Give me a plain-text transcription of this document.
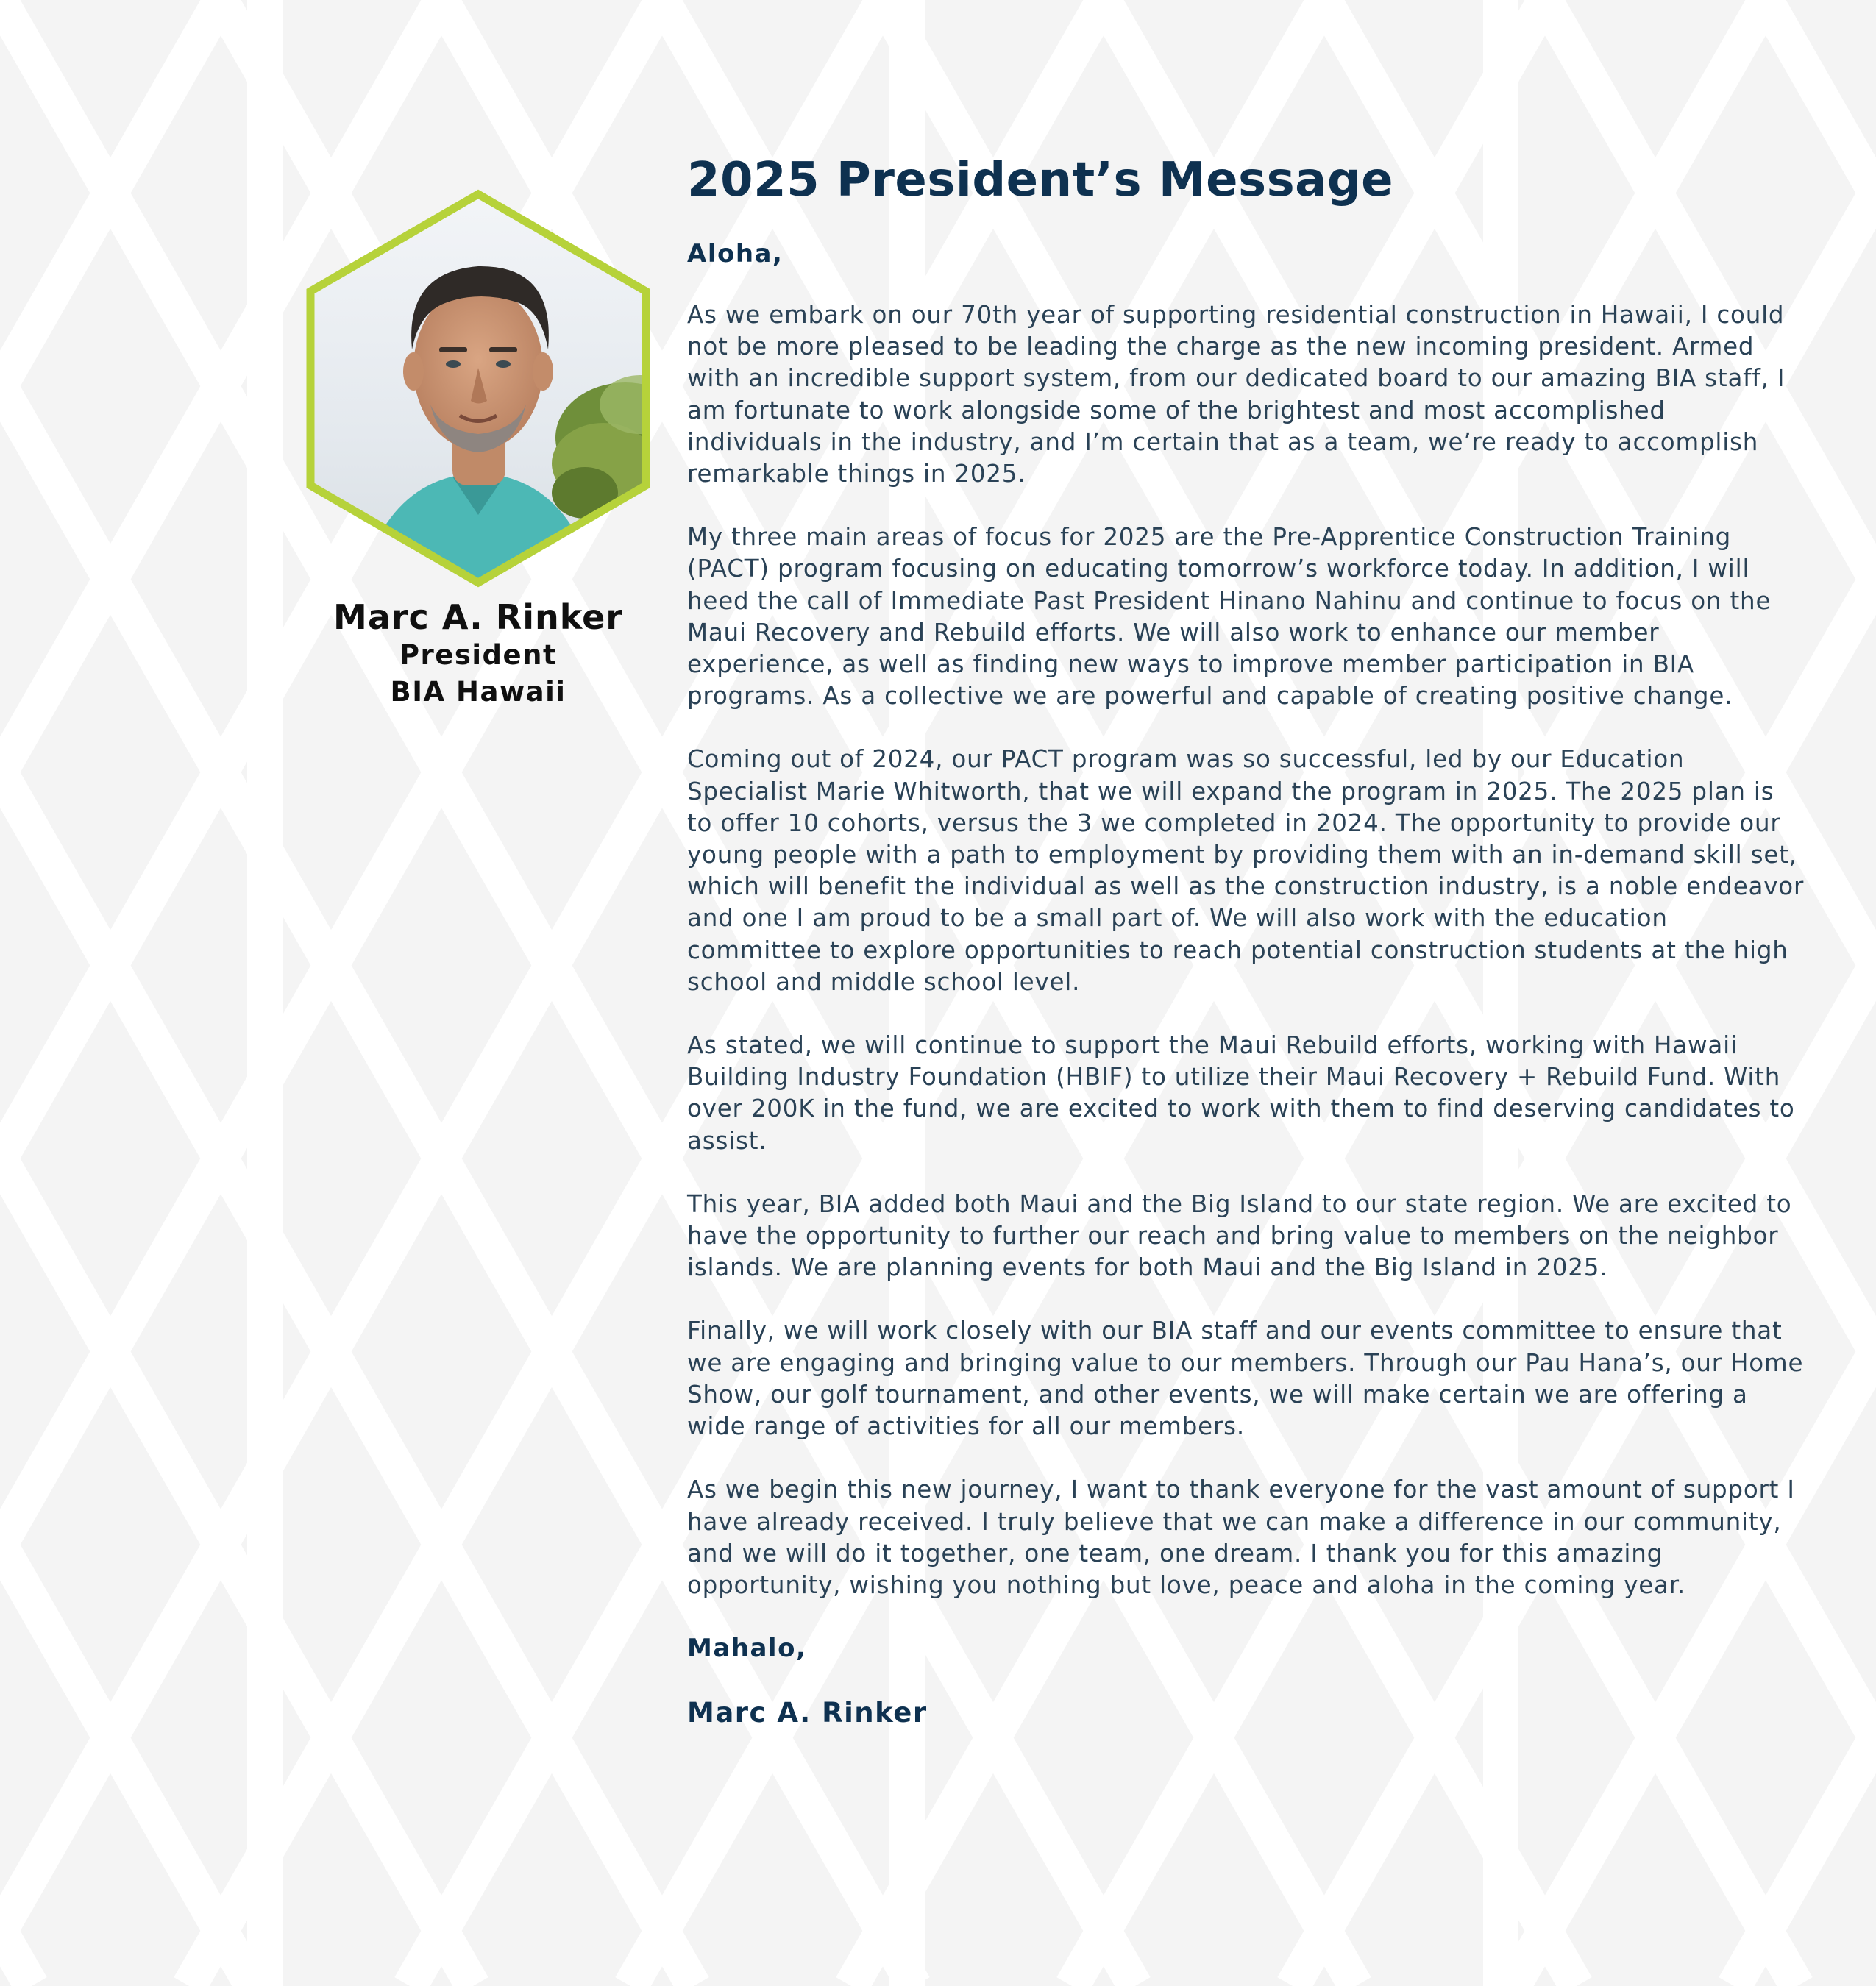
Marc A. Rinker
President
BIA Hawaii
2025 President’s Message

Aloha,

As we embark on our 70th year of supporting residential construction in Hawaii, I could not be more pleased to be leading the charge as the new incoming president. Armed with an incredible support system, from our dedicated board to our amazing BIA staff, I am fortunate to work alongside some of the brightest and most accomplished individuals in the industry, and I’m certain that as a team, we’re ready to accomplish remarkable things in 2025.

My three main areas of focus for 2025 are the Pre-Apprentice Construction Training (PACT) program focusing on educating tomorrow’s workforce today. In addition, I will heed the call of Immediate Past President Hinano Nahinu and continue to focus on the Maui Recovery and Rebuild efforts. We will also work to enhance our member experience, as well as finding new ways to improve member participation in BIA programs. As a collective we are powerful and capable of creating positive change.

Coming out of 2024, our PACT program was so successful, led by our Education Specialist Marie Whitworth, that we will expand the program in 2025. The 2025 plan is to offer 10 cohorts, versus the 3 we completed in 2024. The opportunity to provide our young people with a path to employment by providing them with an in-demand skill set, which will benefit the individual as well as the construction industry, is a noble endeavor and one I am proud to be a small part of. We will also work with the education committee to explore opportunities to reach potential construction students at the high school and middle school level.

As stated, we will continue to support the Maui Rebuild efforts, working with Hawaii Building Industry Foundation (HBIF) to utilize their Maui Recovery + Rebuild Fund. With over 200K in the fund, we are excited to work with them to find deserving candidates to assist.

This year, BIA added both Maui and the Big Island to our state region. We are excited to have the opportunity to further our reach and bring value to members on the neighbor islands. We are planning events for both Maui and the Big Island in 2025.

Finally, we will work closely with our BIA staff and our events committee to ensure that we are engaging and bringing value to our members. Through our Pau Hana’s, our Home Show, our golf tournament, and other events, we will make certain we are offering a wide range of activities for all our members.

As we begin this new journey, I want to thank everyone for the vast amount of support I have already received. I truly believe that we can make a difference in our community, and we will do it together, one team, one dream. I thank you for this amazing opportunity, wishing you nothing but love, peace and aloha in the coming year.

Mahalo,

Marc A. Rinker
